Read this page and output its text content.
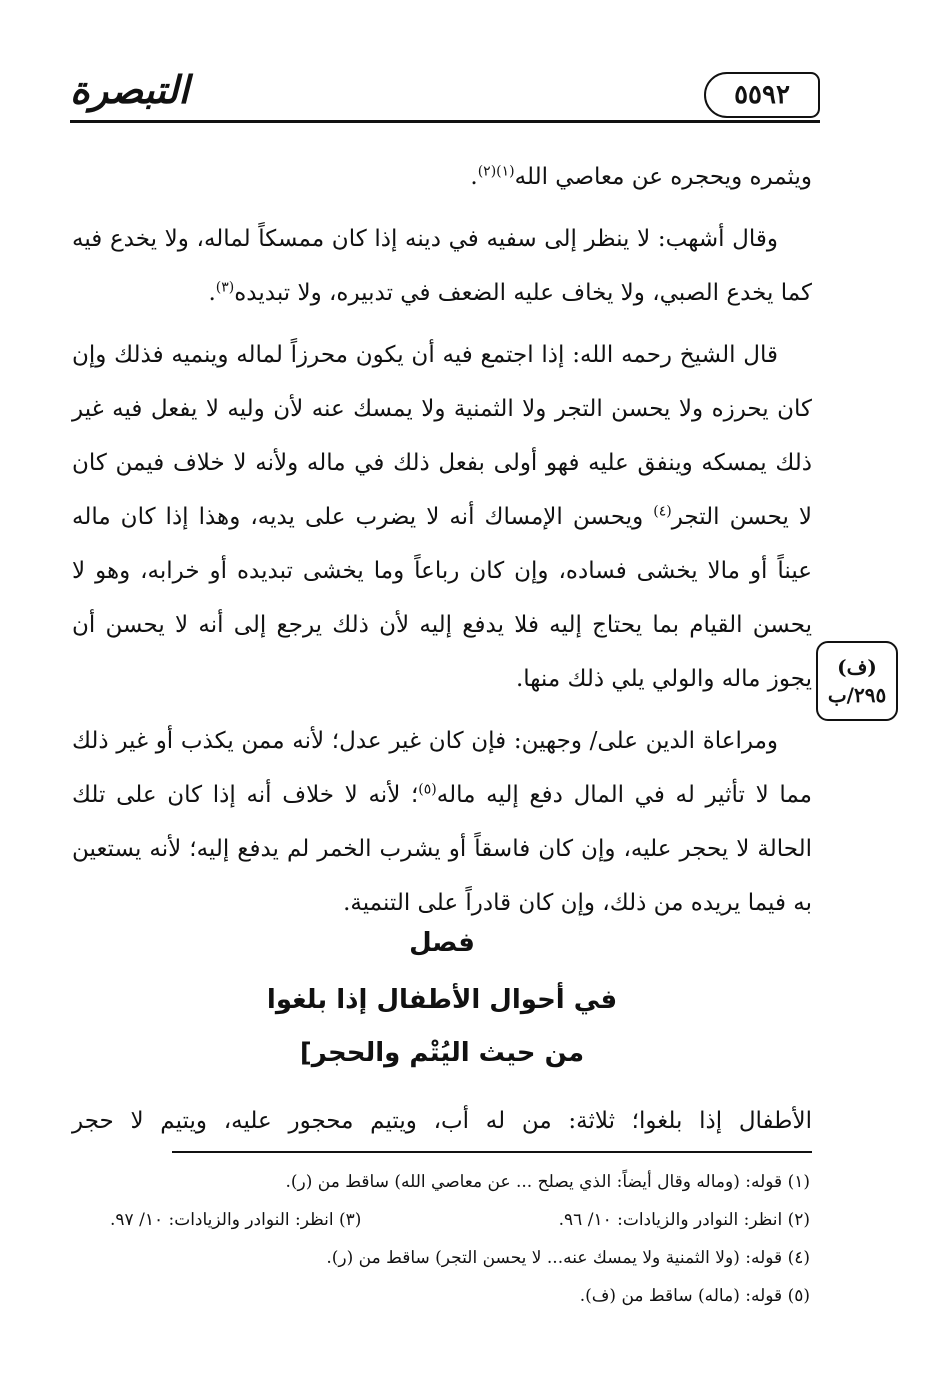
التبصرة	٥٥٩٢

ويثمره ويحجره عن معاصي الله$^{(١)(٢)}$.

وقال أشهب: لا ينظر إلى سفيه في دينه إذا كان ممسكاً لماله، ولا يخدع فيه كما يخدع الصبي، ولا يخاف عليه الضعف في تدبيره، ولا تبديده$^{(٣)}$.

قال الشيخ رحمه الله: إذا اجتمع فيه أن يكون محرزاً لماله وينميه فذلك وإن كان يحرزه ولا يحسن التجر ولا الثمنية ولا يمسك عنه لأن وليه لا يفعل فيه غير ذلك يمسكه وينفق عليه فهو أولى بفعل ذلك في ماله ولأنه لا خلاف فيمن كان لا يحسن التجر$^{(٤)}$ ويحسن الإمساك أنه لا يضرب على يديه، وهذا إذا كان ماله عيناً أو مالا يخشى فساده، وإن كان رباعاً وما يخشى تبديده أو خرابه، وهو لا يحسن القيام بما يحتاج إليه فلا يدفع إليه لأن ذلك يرجع إلى أنه لا يحسن أن يجوز ماله والولي يلي ذلك منها.

ومراعاة الدين على/ وجهين: فإن كان غير عدل؛ لأنه ممن يكذب أو غير ذلك مما لا تأثير له في المال دفع إليه ماله$^{(٥)}$؛ لأنه لا خلاف أنه إذا كان على تلك الحالة لا يحجر عليه، وإن كان فاسقاً أو يشرب الخمر لم يدفع إليه؛ لأنه يستعين به فيما يريده من ذلك، وإن كان قادراً على التنمية.

(ف)
٢٩٥/ب
فصل
في أحوال الأطفال إذا بلغوا
من حيث اليُتْم والحجر]
الأطفال إذا بلغوا؛ ثلاثة: من له أب، ويتيم محجور عليه، ويتيم لا حجر
(١) قوله: (وماله وقال أيضاً: الذي يصلح ... عن معاصي الله) ساقط من (ر).
(٢) انظر: النوادر والزيادات: ١٠/ ٩٦.
(٣) انظر: النوادر والزيادات: ١٠/ ٩٧.
(٤) قوله: (ولا الثمنية ولا يمسك عنه... لا يحسن التجر) ساقط من (ر).
(٥) قوله: (ماله) ساقط من (ف).
